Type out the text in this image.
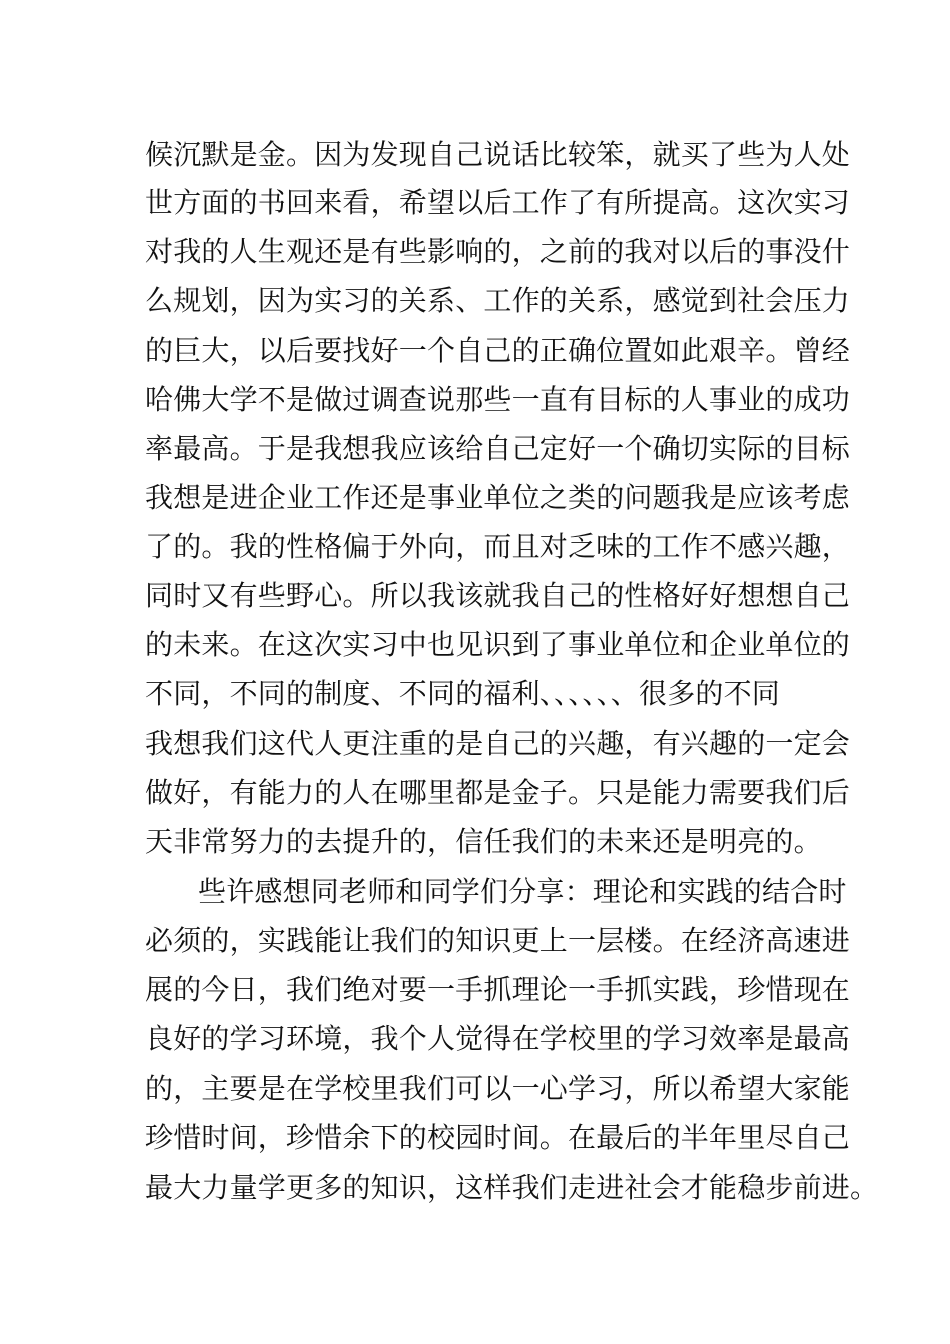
候沉默是金。因为发现自己说话比较笨，就买了些为人处
世方面的书回来看，希望以后工作了有所提高。这次实习
对我的人生观还是有些影响的，之前的我对以后的事没什
么规划，因为实习的关系、工作的关系，感觉到社会压力
的巨大，以后要找好一个自己的正确位置如此艰辛。曾经
哈佛大学不是做过调查说那些一直有目标的人事业的成功
率最高。于是我想我应该给自己定好一个确切实际的目标
我想是进企业工作还是事业单位之类的问题我是应该考虑
了的。我的性格偏于外向，而且对乏味的工作不感兴趣，
同时又有些野心。所以我该就我自己的性格好好想想自己
的未来。在这次实习中也见识到了事业单位和企业单位的
不同，不同的制度、不同的福利、、、、、、很多的不同
我想我们这代人更注重的是自己的兴趣，有兴趣的一定会
做好，有能力的人在哪里都是金子。只是能力需要我们后
天非常努力的去提升的，信任我们的未来还是明亮的。
些许感想同老师和同学们分享：理论和实践的结合时
必须的，实践能让我们的知识更上一层楼。在经济高速进
展的今日，我们绝对要一手抓理论一手抓实践，珍惜现在
良好的学习环境，我个人觉得在学校里的学习效率是最高
的，主要是在学校里我们可以一心学习，所以希望大家能
珍惜时间，珍惜余下的校园时间。在最后的半年里尽自己
最大力量学更多的知识，这样我们走进社会才能稳步前进。
